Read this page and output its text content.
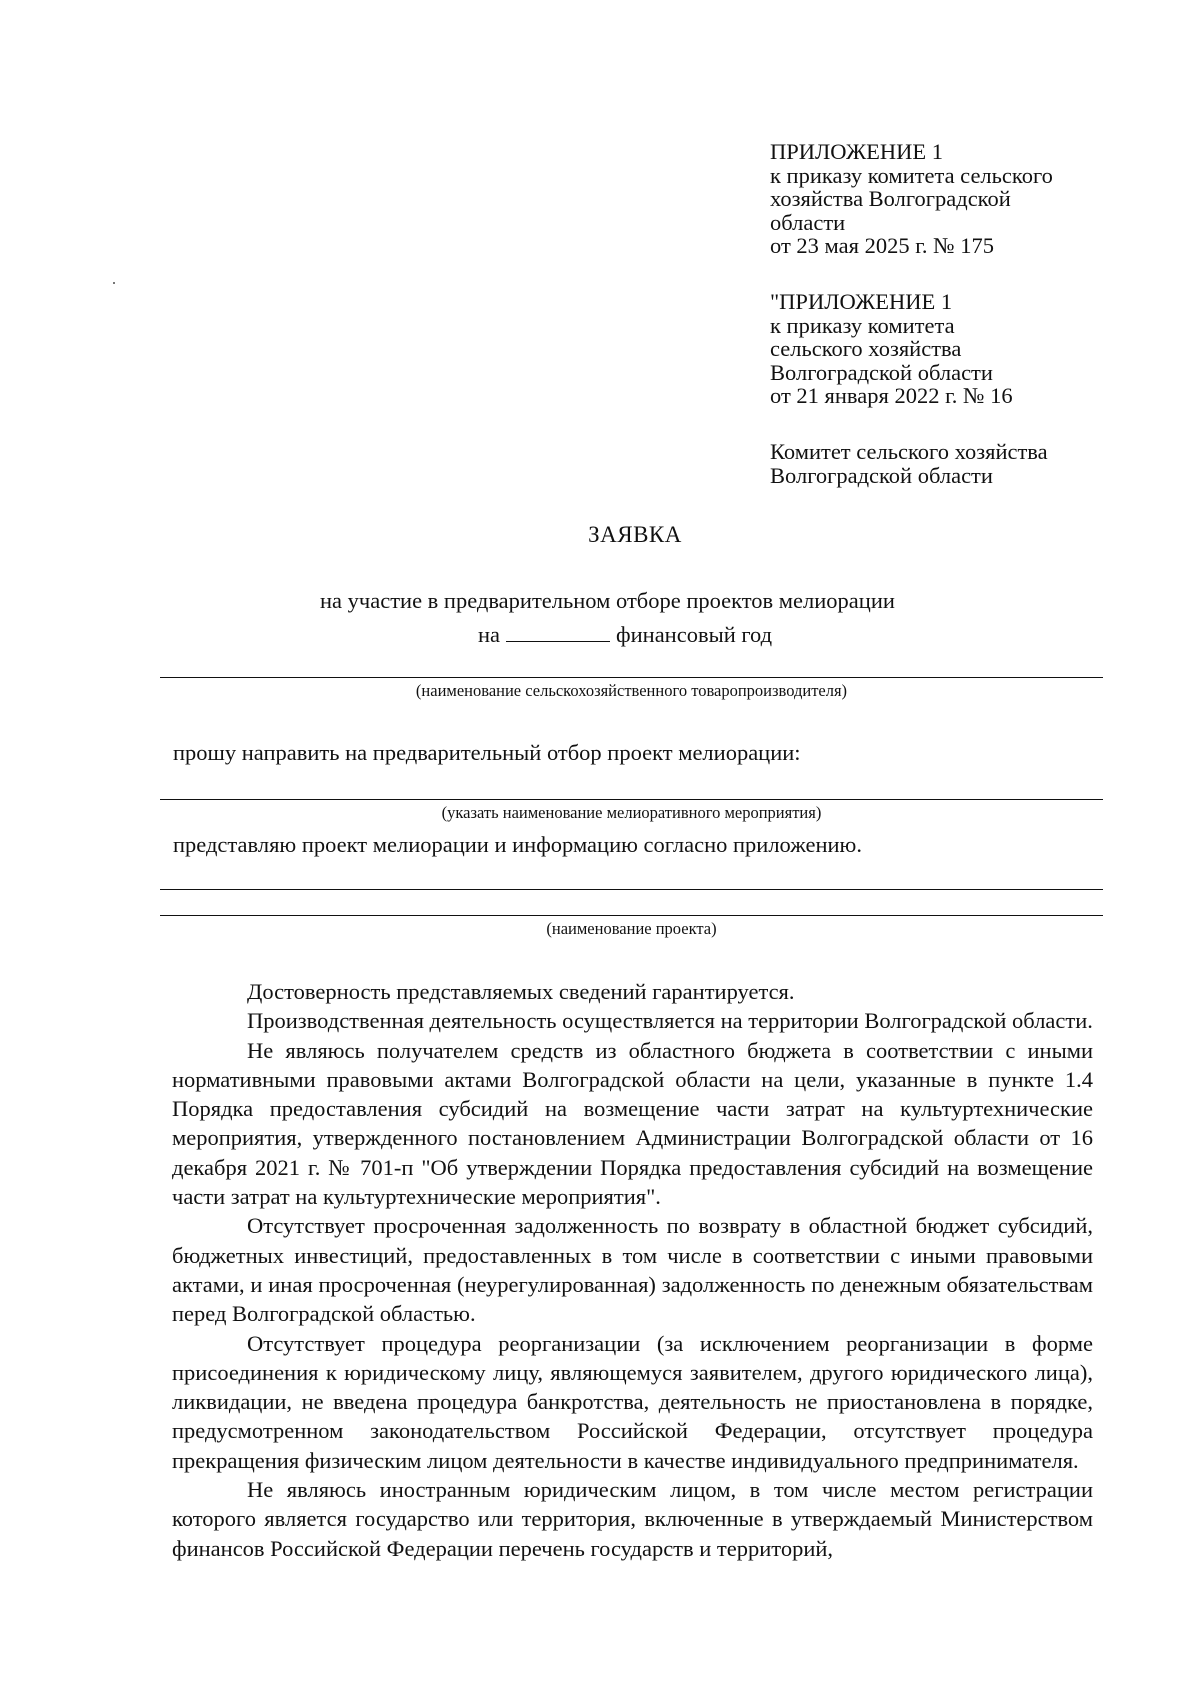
ПРИЛОЖЕНИЕ 1
к приказу комитета сельского
хозяйства Волгоградской
области
от 23 мая 2025 г. № 175
"ПРИЛОЖЕНИЕ 1
к приказу комитета
сельского хозяйства
Волгоградской области
от 21 января 2022 г. № 16
Комитет сельского хозяйства
Волгоградской области
ЗАЯВКА
на участие в предварительном отборе проектов мелиорации
на	финансовый год
(наименование сельскохозяйственного товаропроизводителя)
прошу направить на предварительный отбор проект мелиорации:
(указать наименование мелиоративного мероприятия)
представляю проект мелиорации и информацию согласно приложению.
(наименование проекта)

Достоверность представляемых сведений гарантируется.

Производственная деятельность осуществляется на территории Волгоградской области.

Не являюсь получателем средств из областного бюджета в соответствии с иными нормативными правовыми актами Волгоградской области на цели, указанные в пункте 1.4 Порядка предоставления субсидий на возмещение части затрат на культуртехнические мероприятия, утвержденного постановлением Администрации Волгоградской области от 16 декабря 2021 г. № 701-п "Об утверждении Порядка предоставления субсидий на возмещение части затрат на культуртехнические мероприятия".

Отсутствует просроченная задолженность по возврату в областной бюджет субсидий, бюджетных инвестиций, предоставленных в том числе в соответствии с иными правовыми актами, и иная просроченная (неурегулированная) задолженность по денежным обязательствам перед Волгоградской областью.

Отсутствует процедура реорганизации (за исключением реорганизации в форме присоединения к юридическому лицу, являющемуся заявителем, другого юридического лица), ликвидации, не введена процедура банкротства, деятельность не приостановлена в порядке, предусмотренном законодательством Российской Федерации, отсутствует процедура прекращения физическим лицом деятельности в качестве индивидуального предпринимателя.

Не являюсь иностранным юридическим лицом, в том числе местом регистрации которого является государство или территория, включенные в утверждаемый Министерством финансов Российской Федерации перечень государств и территорий,
